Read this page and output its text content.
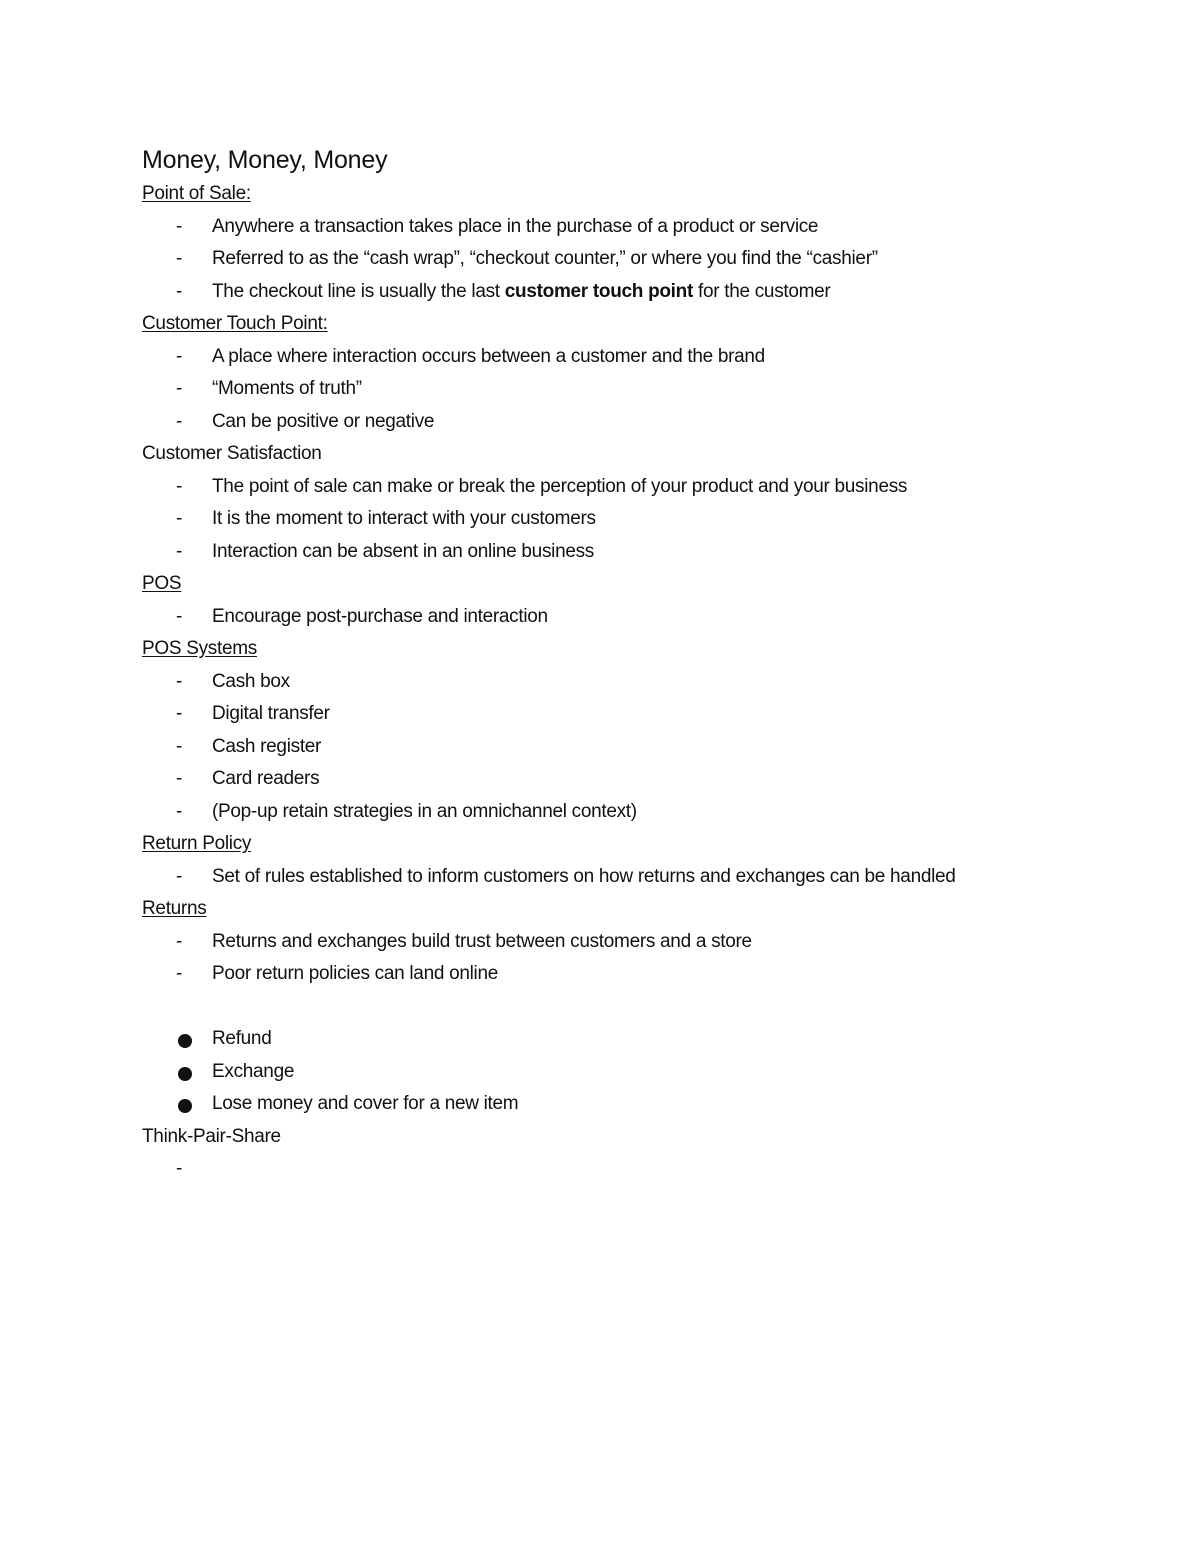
Money, Money, Money
Point of Sale:
- Anywhere a transaction takes place in the purchase of a product or service
- Referred to as the “cash wrap”, “checkout counter,” or where you find the “cashier”
- The checkout line is usually the last customer touch point for the customer
Customer Touch Point:
- A place where interaction occurs between a customer and the brand
- “Moments of truth”
- Can be positive or negative
Customer Satisfaction
- The point of sale can make or break the perception of your product and your business
- It is the moment to interact with your customers
- Interaction can be absent in an online business
POS
- Encourage post-purchase and interaction
POS Systems
- Cash box
- Digital transfer
- Cash register
- Card readers
- (Pop-up retain strategies in an omnichannel context)
Return Policy
- Set of rules established to inform customers on how returns and exchanges can be handled
Returns
- Returns and exchanges build trust between customers and a store
- Poor return policies can land online
Refund
Exchange
Lose money and cover for a new item
Think-Pair-Share
-
